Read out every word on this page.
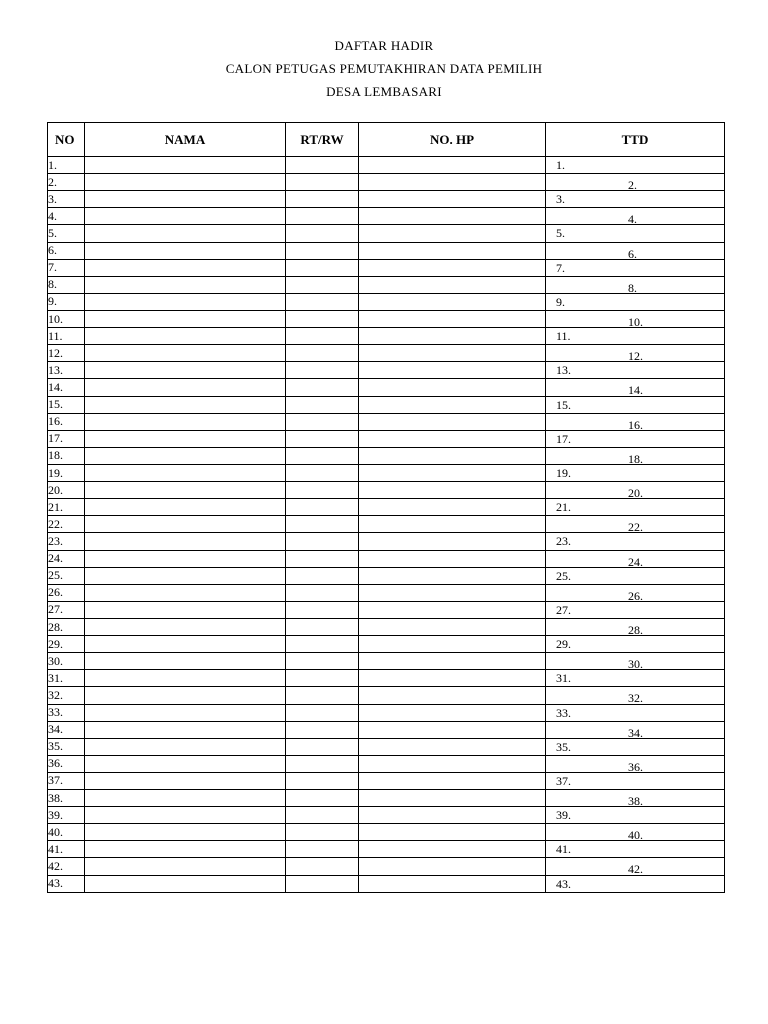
DAFTAR HADIR
CALON PETUGAS PEMUTAKHIRAN DATA PEMILIH
DESA LEMBASARI
NO	NAMA	RT/RW	NO. HP	TTD
1.				1.

2.				2.

3.				3.

4.				4.

5.				5.

6.				6.

7.				7.

8.				8.

9.				9.

10.				10.

11.				11.

12.				12.

13.				13.

14.				14.

15.				15.

16.				16.

17.				17.

18.				18.

19.				19.

20.				20.

21.				21.

22.				22.

23.				23.

24.				24.

25.				25.

26.				26.

27.				27.

28.				28.

29.				29.

30.				30.

31.				31.

32.				32.

33.				33.

34.				34.

35.				35.

36.				36.

37.				37.

38.				38.

39.				39.

40.				40.

41.				41.

42.				42.

43.				43.
